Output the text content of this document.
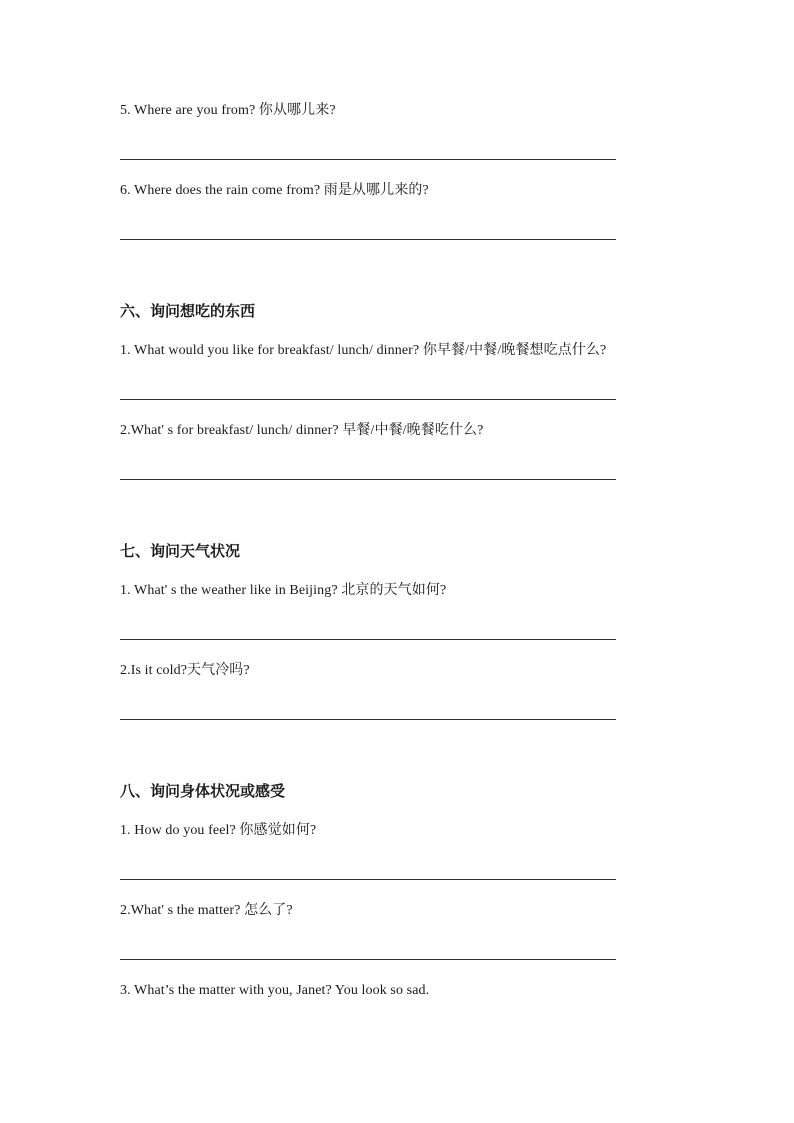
5. Where are you from? 你从哪儿来?
6. Where does the rain come from? 雨是从哪儿来的?
六、询问想吃的东西
1. What would you like for breakfast/ lunch/ dinner? 你早餐/中餐/晚餐想吃点什么?
2.What' s for breakfast/ lunch/ dinner? 早餐/中餐/晚餐吃什么?
七、询问天气状况
1. What' s the weather like in Beijing? 北京的天气如何?
2.Is it cold?天气冷吗?
八、询问身体状况或感受
1. How do you feel? 你感觉如何?
2.What' s the matter? 怎么了?
3. What’s the matter with you, Janet? You look so sad.
